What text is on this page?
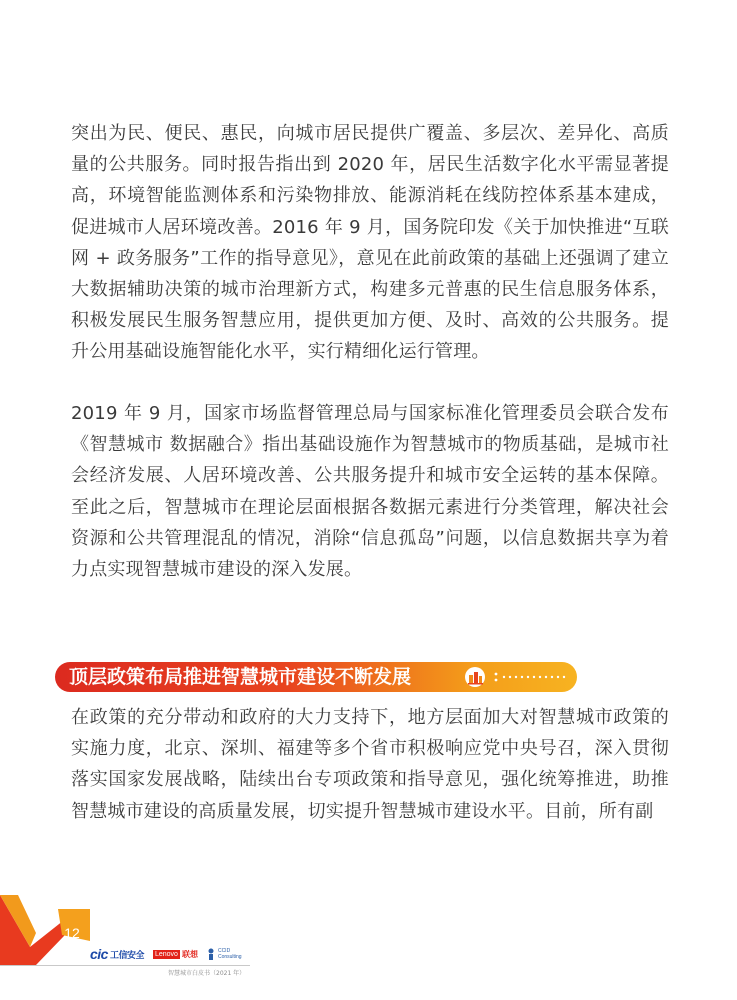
突出为民、便民、惠民，向城市居民提供广覆盖、多层次、差异化、高质量的公共服务。同时报告指出到 2020 年，居民生活数字化水平需显著提高，环境智能监测体系和污染物排放、能源消耗在线防控体系基本建成，促进城市人居环境改善。2016 年 9 月，国务院印发《关于加快推进“互联网 + 政务服务”工作的指导意见》，意见在此前政策的基础上还强调了建立大数据辅助决策的城市治理新方式，构建多元普惠的民生信息服务体系，积极发展民生服务智慧应用，提供更加方便、及时、高效的公共服务。提升公用基础设施智能化水平，实行精细化运行管理。

2019 年 9 月，国家市场监督管理总局与国家标准化管理委员会联合发布《智慧城市 数据融合》指出基础设施作为智慧城市的物质基础，是城市社会经济发展、人居环境改善、公共服务提升和城市安全运转的基本保障。至此之后，智慧城市在理论层面根据各数据元素进行分类管理，解决社会资源和公共管理混乱的情况，消除“信息孤岛”问题，以信息数据共享为着力点实现智慧城市建设的深入发展。

顶层政策布局推进智慧城市建设不断发展

在政策的充分带动和政府的大力支持下，地方层面加大对智慧城市政策的实施力度，北京、深圳、福建等多个省市积极响应党中央号召，深入贯彻落实国家发展战略，陆续出台专项政策和指导意见，强化统筹推进，助推智慧城市建设的高质量发展，切实提升智慧城市建设水平。目前，所有副

12
cic 工信安全 Lenovo 联想	CCID
Consulting
智慧城市白皮书（2021 年）
